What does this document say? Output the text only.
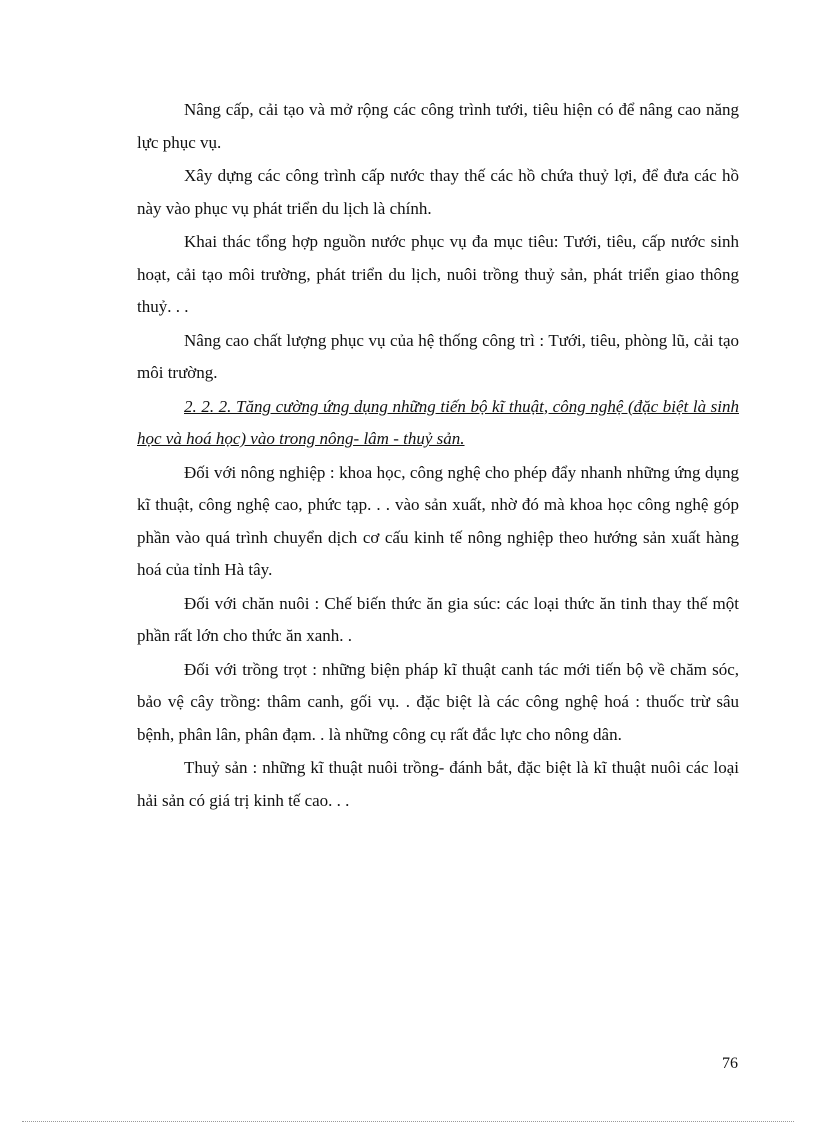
Nâng cấp, cải tạo và mở rộng các công trình tưới, tiêu hiện có để nâng cao năng lực phục vụ.

Xây dựng các công trình cấp nước thay thế các hồ chứa thuỷ lợi, để đưa các hồ này vào phục vụ phát triển du lịch là chính.

Khai thác tổng hợp nguồn nước phục vụ đa mục tiêu: Tưới, tiêu, cấp nước sinh hoạt, cải tạo môi trường, phát triển du lịch, nuôi trồng thuỷ sản, phát triển giao thông thuỷ. . .

Nâng cao chất lượng phục vụ của hệ thống công trì : Tưới, tiêu, phòng lũ, cải tạo môi trường.

2. 2. 2. Tăng cường ứng dụng những tiến bộ kĩ thuật, công nghệ (đặc biệt là sinh học và hoá học) vào trong nông- lâm - thuỷ sản.

Đối với nông nghiệp : khoa học, công nghệ cho phép đẩy nhanh những ứng dụng kĩ thuật, công nghệ cao, phức tạp. . . vào sản xuất, nhờ đó mà khoa học công nghệ góp phần vào quá trình chuyển dịch cơ cấu kinh tế nông nghiệp theo hướng sản xuất hàng hoá của tỉnh Hà tây.

Đối với chăn nuôi : Chế biến thức ăn gia súc: các loại thức ăn tinh thay thế một phần rất lớn cho thức ăn xanh. .

Đối với trồng trọt : những biện pháp kĩ thuật canh tác mới tiến bộ về chăm sóc, bảo vệ cây trồng: thâm canh, gối vụ. . đặc biệt là các công nghệ hoá : thuốc trừ sâu bệnh, phân lân, phân đạm. . là những công cụ rất đắc lực cho nông dân.

Thuỷ sản : những kĩ thuật nuôi trồng- đánh bắt, đặc biệt là kĩ thuật nuôi các loại hải sản có giá trị kinh tế cao. . .

76
